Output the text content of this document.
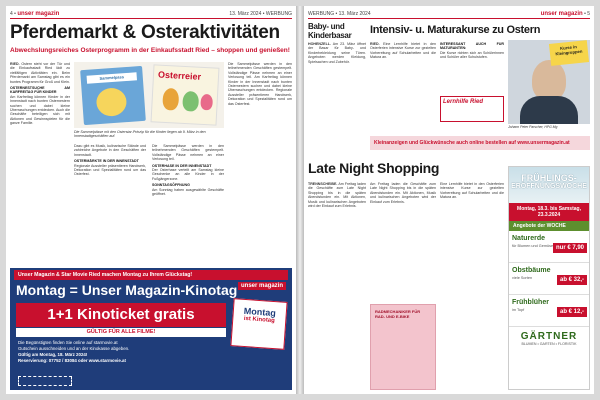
4 • unser magazin	13. März 2024 • WERBUNG
Pferdemarkt & Osteraktivitäten
Abwechslungsreiches Osterprogramm in der Einkaufsstadt Ried – shoppen und genießen!
RIED. Ostern steht vor der Tür und die Einkaufsstadt Ried lädt zu vielfältigen Aktivitäten ein. Beim Pferdemarkt am Samstag gibt es ein buntes Programm für Groß und Klein.
OSTERNESTSUCHE AM KARFREITAG FÜR KINDER
Am Karfreitag können Kinder in der Innenstadt nach bunten Osternestern suchen und dabei kleine Überraschungen entdecken. Auch die Geschäfte beteiligen sich mit Aktionen und Gewinnspielen für die ganze Familie.
Sammelpass	Osterreier
Die Sammelpässe mit den Osterstar-Prinzip für die Kinder liegen ab 9. März in den Innenstadtgeschäften auf.
Dazu gibt es Musik, kulinarische Stände und zahlreiche Angebote in den Geschäften der Innenstadt.
OSTERMÄRKTE IN DER INNENSTADT
Regionale Aussteller präsentieren Handwerk, Dekoration und Spezialitäten rund um das Osterfest.
Die Sammelpässe werden in den teilnehmenden Geschäften gestempelt. Vollständige Pässe nehmen an einer Verlosung teil.
OSTERHASE IN DER INNENSTADT
Der Osterhase verteilt am Samstag kleine Geschenke an alle Kinder in der Fußgängerzone.
SONNTAGSÖFFNUNG
Am Sonntag haben ausgewählte Geschäfte geöffnet.
Die Sammelpässe werden in den teilnehmenden Geschäften gestempelt. Vollständige Pässe nehmen an einer Verlosung teil. Am Karfreitag können Kinder in der Innenstadt nach bunten Osternestern suchen und dabei kleine Überraschungen entdecken. Regionale Aussteller präsentieren Handwerk, Dekoration und Spezialitäten rund um das Osterfest.
Unser Magazin & Star Movie Ried machen Montag zu Ihrem Glückstag!
Montag = Unser Magazin-Kinotag
1+1 Kinoticket gratis
GÜLTIG FÜR ALLE FILME!
Die Begünstigten finden Sie online auf starmovie.at
Gutschein ausschneiden und an der Kinokasse abgeben.
Gültig am Montag, 18. März 2024!
Reservierung: 07752 / 83084 oder www.starmovie.at
Montag
ist Kinotag
unser magazin
WERBUNG • 13. März 2024	unser magazin • 5
Baby- und Kinderbasar
HOHENZELL. Am 23. März öffnet der Basar für Baby- und Kinderbekleidung seine Türen. Angeboten werden Kleidung, Spielsachen und Zubehör.
Intensiv- u. Maturakurse zu Ostern
RIED. Eine Lernhilfe bietet in den Osterferien intensive Kurse zur gezielten Vorbereitung auf Schularbeiten und die Matura an.
INTERESSANT AUCH FÜR MATURANTEN:
Die Kurse richten sich an Schülerinnen und Schüler aller Schulstufen.
Lernhilfe Ried
Kurse in Kleingruppen
Johann Peter Parscher, HPG Mg
Kleinanzeigen und Glückwünsche auch online bestellen auf www.unsermagazin.at
Late Night Shopping
TRENNSCHEIBE. Am Freitag laden die Geschäfte zum Late Night Shopping bis in die späten Abendstunden ein. Mit Aktionen, Musik und kulinarischen Angeboten wird der Einkauf zum Erlebnis.
Am Freitag laden die Geschäfte zum Late Night Shopping bis in die späten Abendstunden ein. Mit Aktionen, Musik und kulinarischen Angeboten wird der Einkauf zum Erlebnis.
Eine Lernhilfe bietet in den Osterferien intensive Kurse zur gezielten Vorbereitung auf Schularbeiten und die Matura an.
RADMECHANIKER FÜR RAD- UND E-BIKE
FRÜHLINGS-
ERÖFFNUNGSWOCHE
Montag, 18.3. bis Samstag, 23.3.2024
Angebote der WOCHE
Naturerde
für Blumen und Gemüse nur € 7,90
Obstbäume
viele Sorten	ab € 32,-
Frühblüher
im Topf	ab € 12,-
GÄRTNER
BLUMEN • GARTEN • FLORISTIK
